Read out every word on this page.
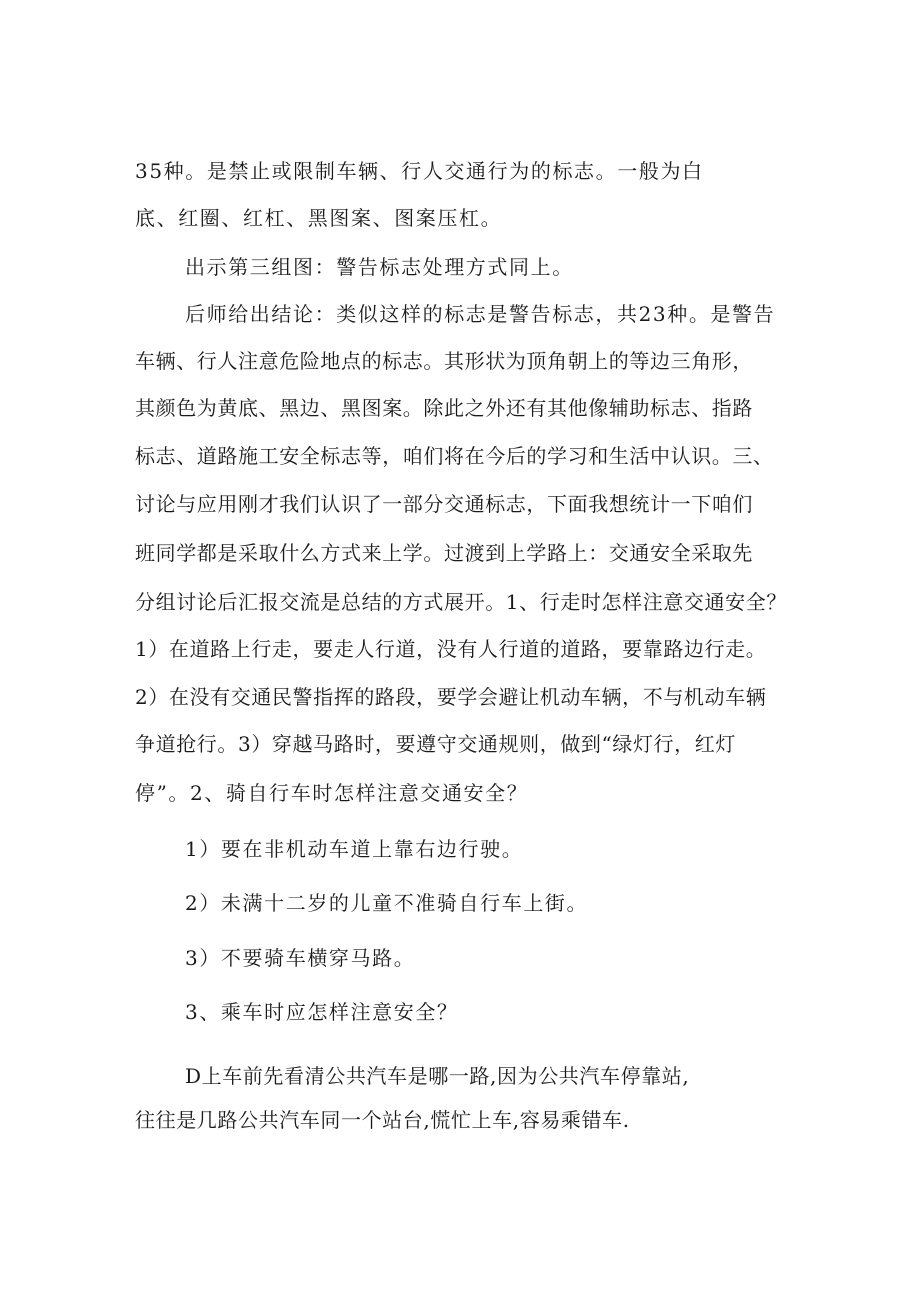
35种。是禁止或限制车辆、行人交通行为的标志。一般为白

底、红圈、红杠、黑图案、图案压杠。

出示第三组图：警告标志处理方式同上。

后师给出结论：类似这样的标志是警告标志，共23种。是警告

车辆、行人注意危险地点的标志。其形状为顶角朝上的等边三角形，

其颜色为黄底、黑边、黑图案。除此之外还有其他像辅助标志、指路

标志、道路施工安全标志等，咱们将在今后的学习和生活中认识。三、

讨论与应用刚才我们认识了一部分交通标志，下面我想统计一下咱们

班同学都是采取什么方式来上学。过渡到上学路上：交通安全采取先

分组讨论后汇报交流是总结的方式展开。1、行走时怎样注意交通安全？

1）在道路上行走，要走人行道，没有人行道的道路，要靠路边行走。

2）在没有交通民警指挥的路段，要学会避让机动车辆，不与机动车辆

争道抢行。3）穿越马路时，要遵守交通规则，做到“绿灯行，红灯

停”。2、骑自行车时怎样注意交通安全？

1）要在非机动车道上靠右边行驶。

2）未满十二岁的儿童不准骑自行车上街。

3）不要骑车横穿马路。

3、乘车时应怎样注意安全？

D上车前先看清公共汽车是哪一路,因为公共汽车停靠站,

往往是几路公共汽车同一个站台,慌忙上车,容易乘错车.
